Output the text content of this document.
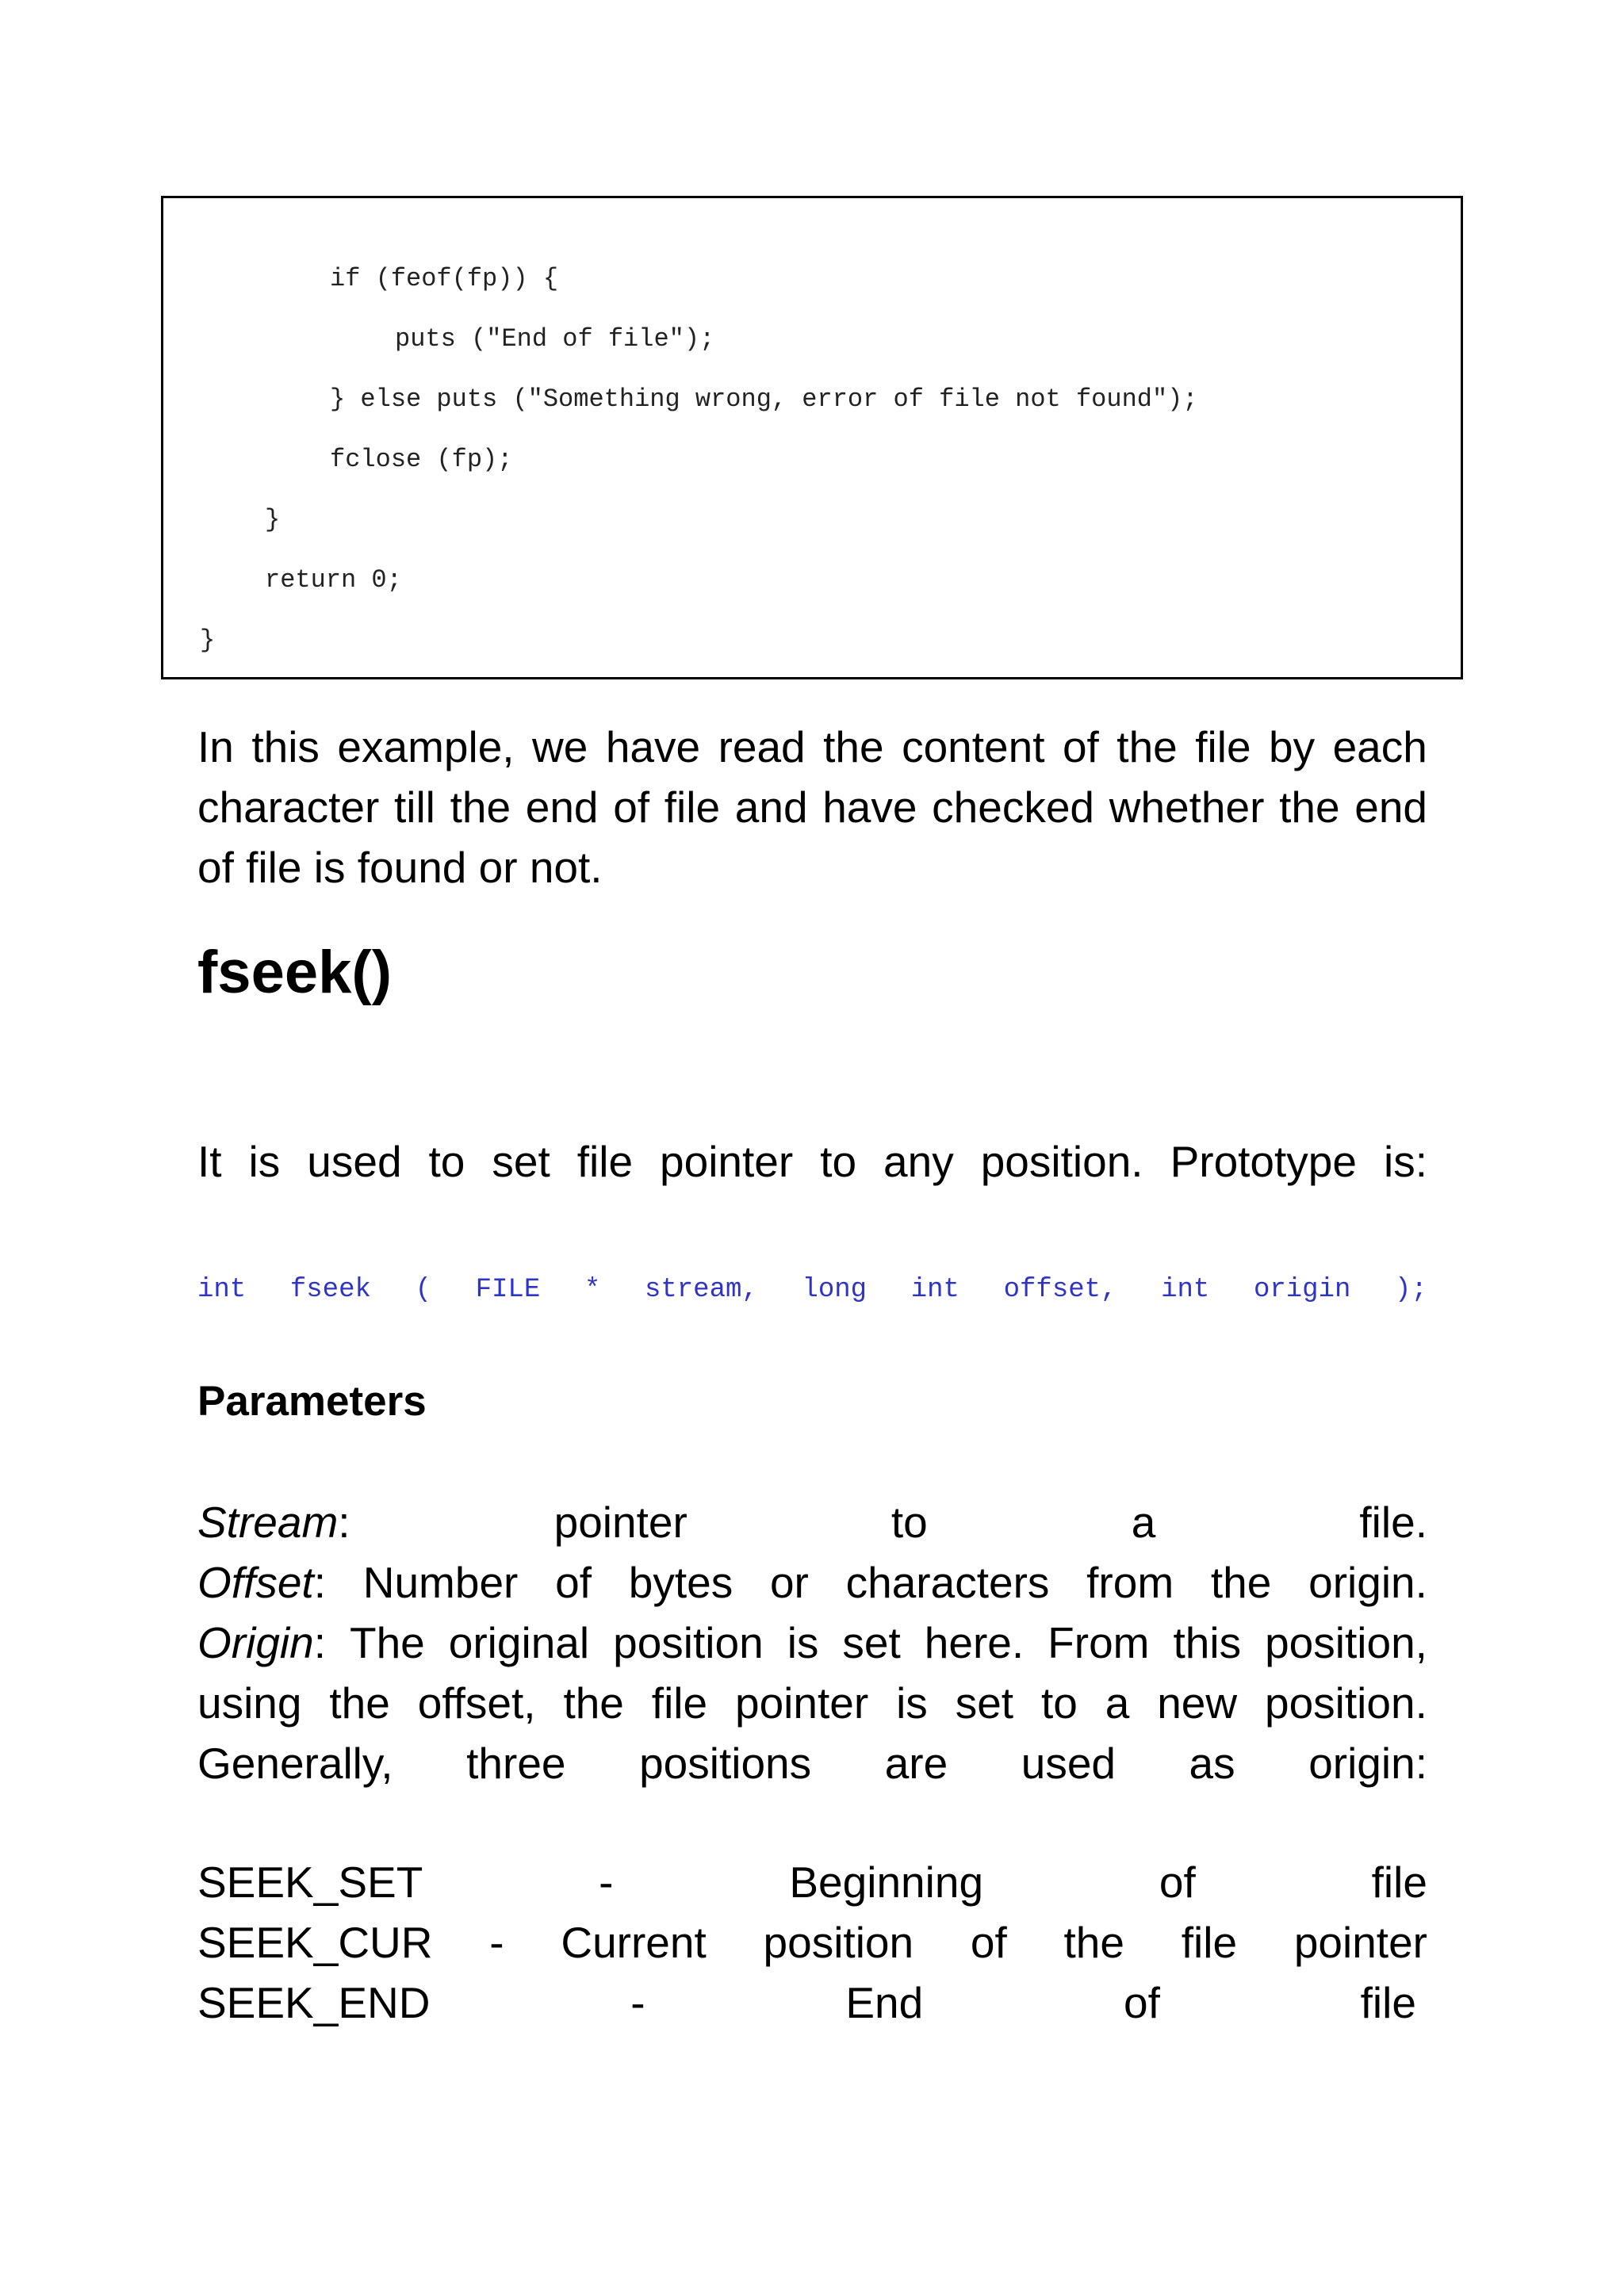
if (feof(fp)) {
puts ("End of file");
} else puts ("Something wrong, error of file not found");
fclose (fp);
}
return 0;
}
In this example, we have read the content of the file by each
character till the end of file and have checked whether the end
of file is found or not.
fseek()
It is used to set file pointer to any position. Prototype is:
int fseek ( FILE * stream, long int offset, int origin );
Parameters
Stream:	pointer	to	a	file.
Offset: Number of bytes or characters from the origin.
Origin: The original position is set here. From this position,
using the offset, the file pointer is set to a new position.
Generally, three positions are used as origin:
SEEK_SET	-	Beginning	of	file
SEEK_CUR - Current position of the file pointer
SEEK_END	-	End	of	file
